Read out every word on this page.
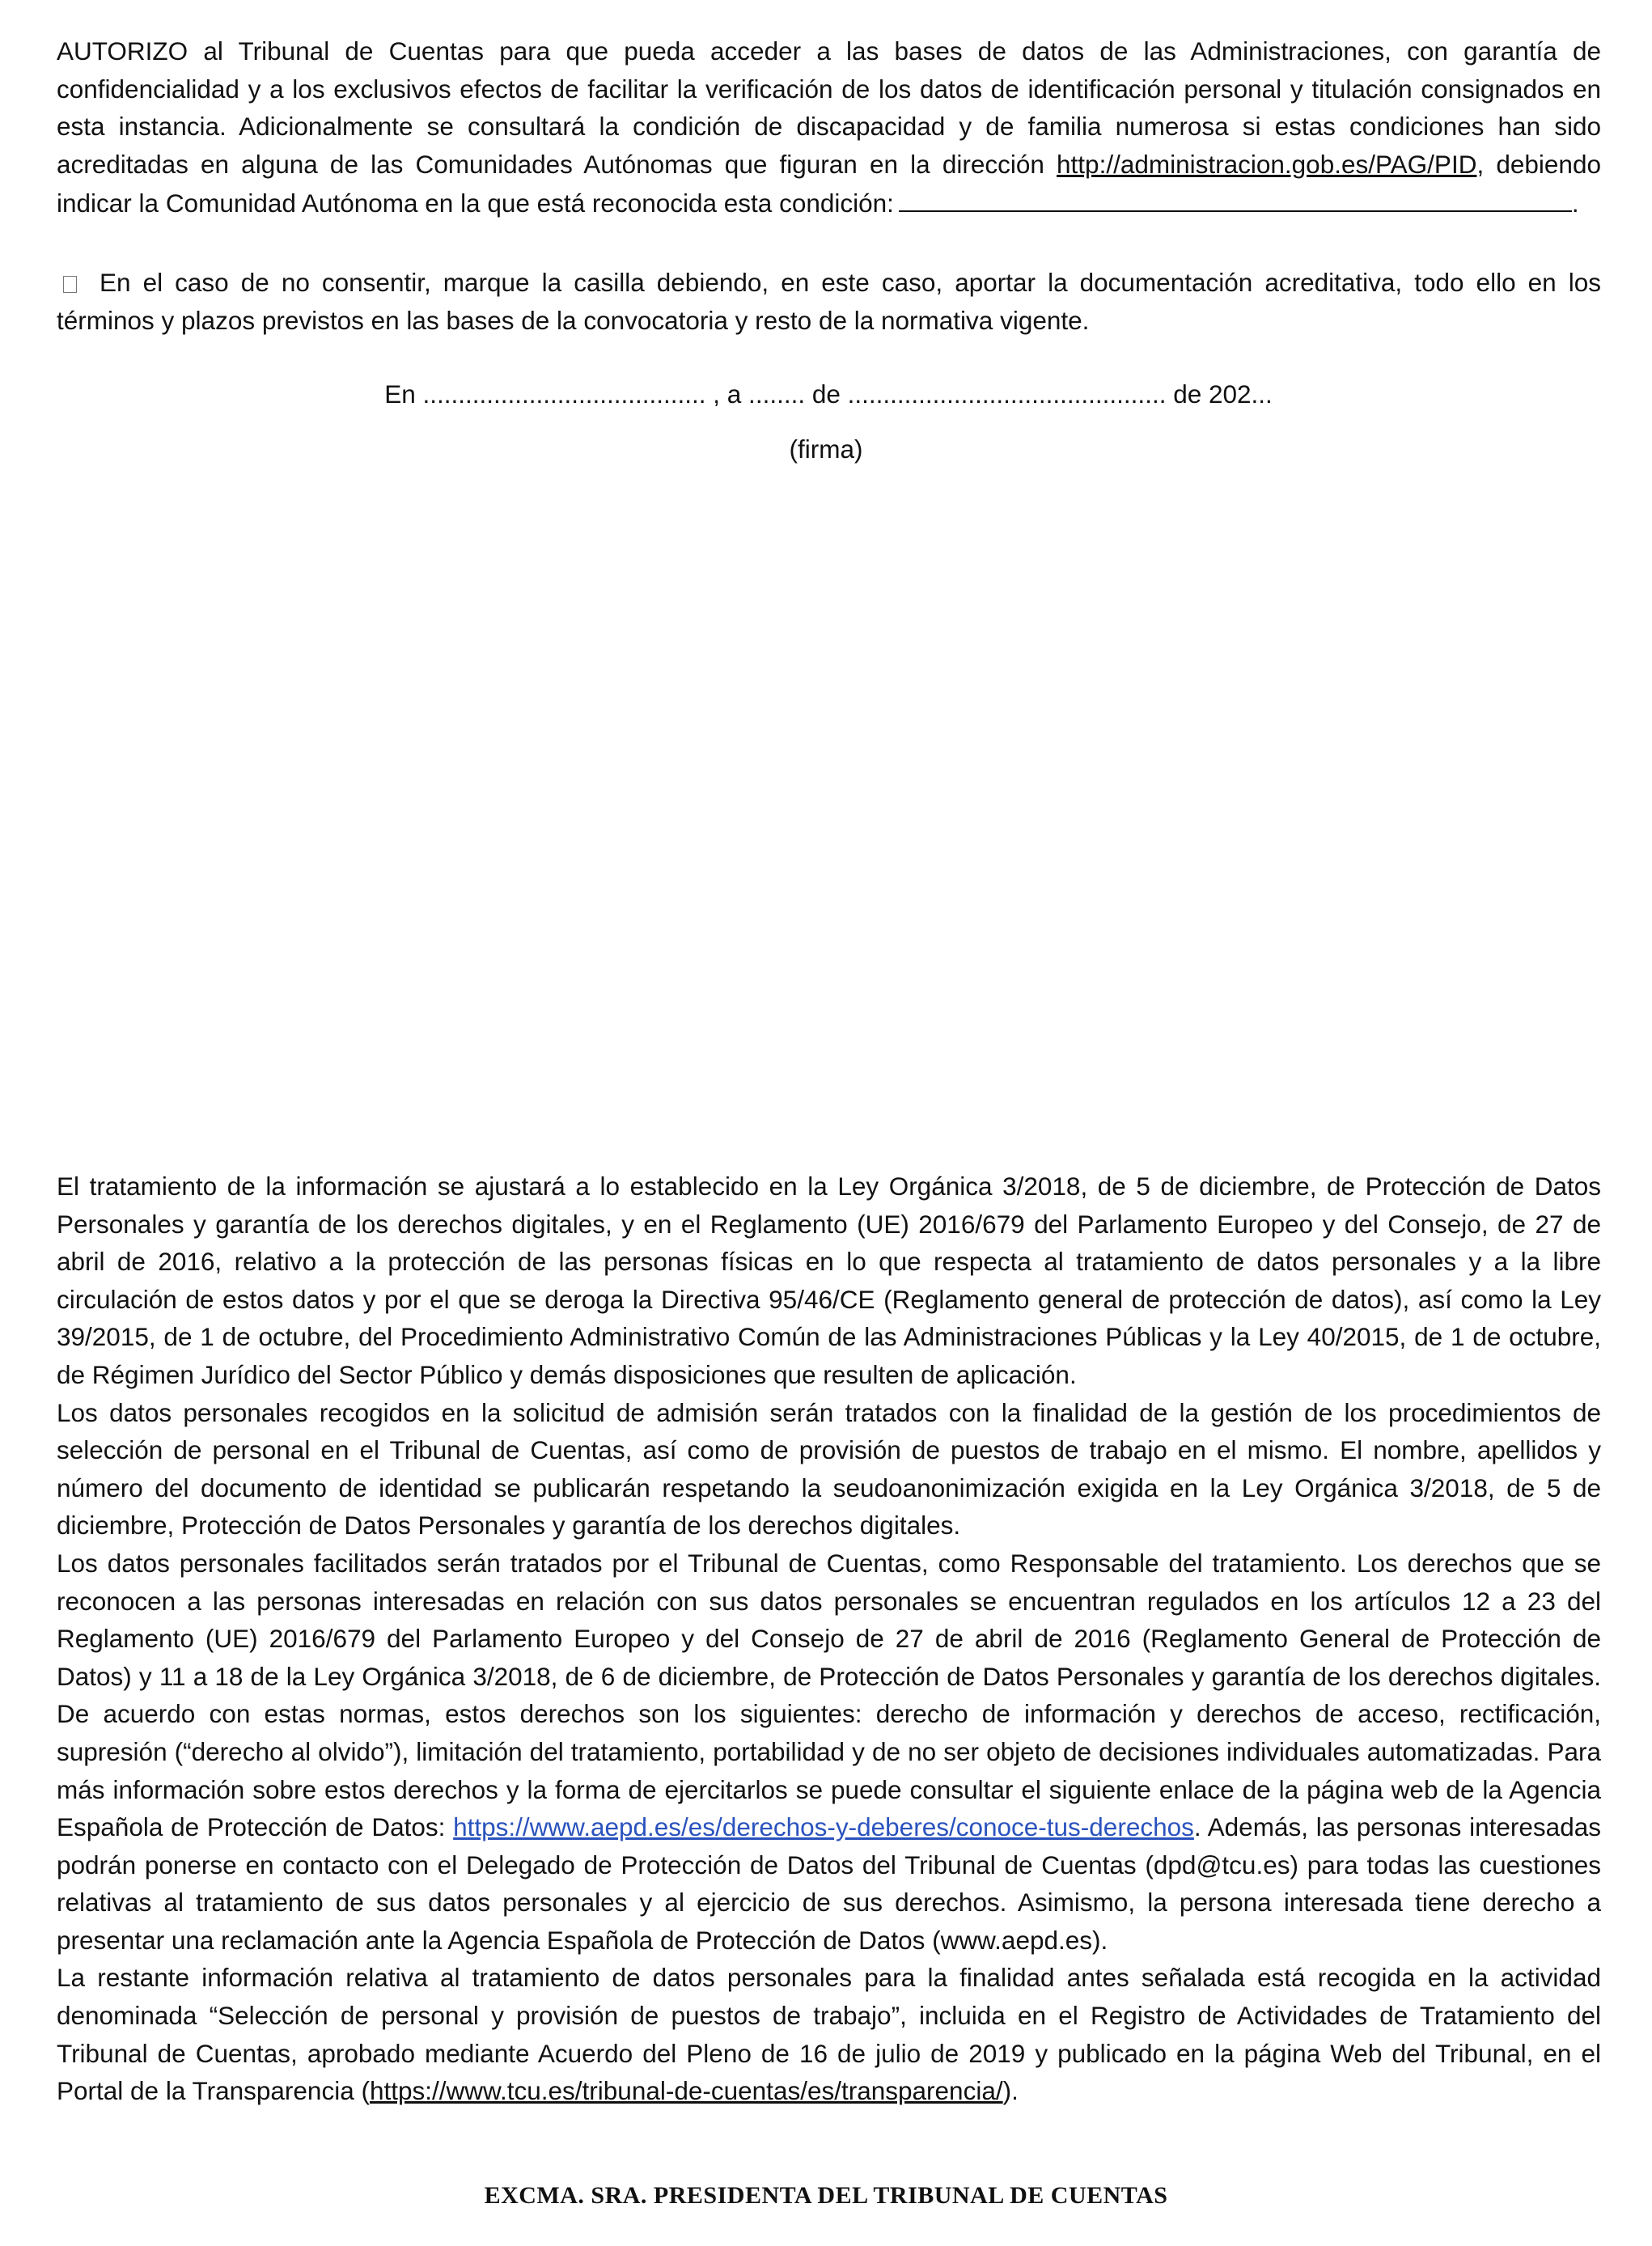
AUTORIZO al Tribunal de Cuentas para que pueda acceder a las bases de datos de las Administraciones, con garantía de confidencialidad y a los exclusivos efectos de facilitar la verificación de los datos de identificación personal y titulación consignados en esta instancia. Adicionalmente se consultará la condición de discapacidad y de familia numerosa si estas condiciones han sido acreditadas en alguna de las Comunidades Autónomas que figuran en la dirección http://administracion.gob.es/PAG/PID, debiendo indicar la Comunidad Autónoma en la que está reconocida esta condición:	.

En el caso de no consentir, marque la casilla debiendo, en este caso, aportar la documentación acreditativa, todo ello en los términos y plazos previstos en las bases de la convocatoria y resto de la normativa vigente.

En ........................................ , a ........ de ............................................. de 202...
(firma)

El tratamiento de la información se ajustará a lo establecido en la Ley Orgánica 3/2018, de 5 de diciembre, de Protección de Datos Personales y garantía de los derechos digitales, y en el Reglamento (UE) 2016/679 del Parlamento Europeo y del Consejo, de 27 de abril de 2016, relativo a la protección de las personas físicas en lo que respecta al tratamiento de datos personales y a la libre circulación de estos datos y por el que se deroga la Directiva 95/46/CE (Reglamento general de protección de datos), así como la Ley 39/2015, de 1 de octubre, del Procedimiento Administrativo Común de las Administraciones Públicas y la Ley 40/2015, de 1 de octubre, de Régimen Jurídico del Sector Público y demás disposiciones que resulten de aplicación.

Los datos personales recogidos en la solicitud de admisión serán tratados con la finalidad de la gestión de los procedimientos de selección de personal en el Tribunal de Cuentas, así como de provisión de puestos de trabajo en el mismo. El nombre, apellidos y número del documento de identidad se publicarán respetando la seudoanonimización exigida en la Ley Orgánica 3/2018, de 5 de diciembre, Protección de Datos Personales y garantía de los derechos digitales.

Los datos personales facilitados serán tratados por el Tribunal de Cuentas, como Responsable del tratamiento. Los derechos que se reconocen a las personas interesadas en relación con sus datos personales se encuentran regulados en los artículos 12 a 23 del Reglamento (UE) 2016/679 del Parlamento Europeo y del Consejo de 27 de abril de 2016 (Reglamento General de Protección de Datos) y 11 a 18 de la Ley Orgánica 3/2018, de 6 de diciembre, de Protección de Datos Personales y garantía de los derechos digitales. De acuerdo con estas normas, estos derechos son los siguientes: derecho de información y derechos de acceso, rectificación, supresión (“derecho al olvido”), limitación del tratamiento, portabilidad y de no ser objeto de decisiones individuales automatizadas. Para más información sobre estos derechos y la forma de ejercitarlos se puede consultar el siguiente enlace de la página web de la Agencia Española de Protección de Datos: https://www.aepd.es/es/derechos-y-deberes/conoce-tus-derechos. Además, las personas interesadas podrán ponerse en contacto con el Delegado de Protección de Datos del Tribunal de Cuentas (dpd@tcu.es) para todas las cuestiones relativas al tratamiento de sus datos personales y al ejercicio de sus derechos. Asimismo, la persona interesada tiene derecho a presentar una reclamación ante la Agencia Española de Protección de Datos (www.aepd.es).

La restante información relativa al tratamiento de datos personales para la finalidad antes señalada está recogida en la actividad denominada “Selección de personal y provisión de puestos de trabajo”, incluida en el Registro de Actividades de Tratamiento del Tribunal de Cuentas, aprobado mediante Acuerdo del Pleno de 16 de julio de 2019 y publicado en la página Web del Tribunal, en el Portal de la Transparencia (https://www.tcu.es/tribunal-de-cuentas/es/transparencia/).

EXCMA. SRA. PRESIDENTA DEL TRIBUNAL DE CUENTAS
